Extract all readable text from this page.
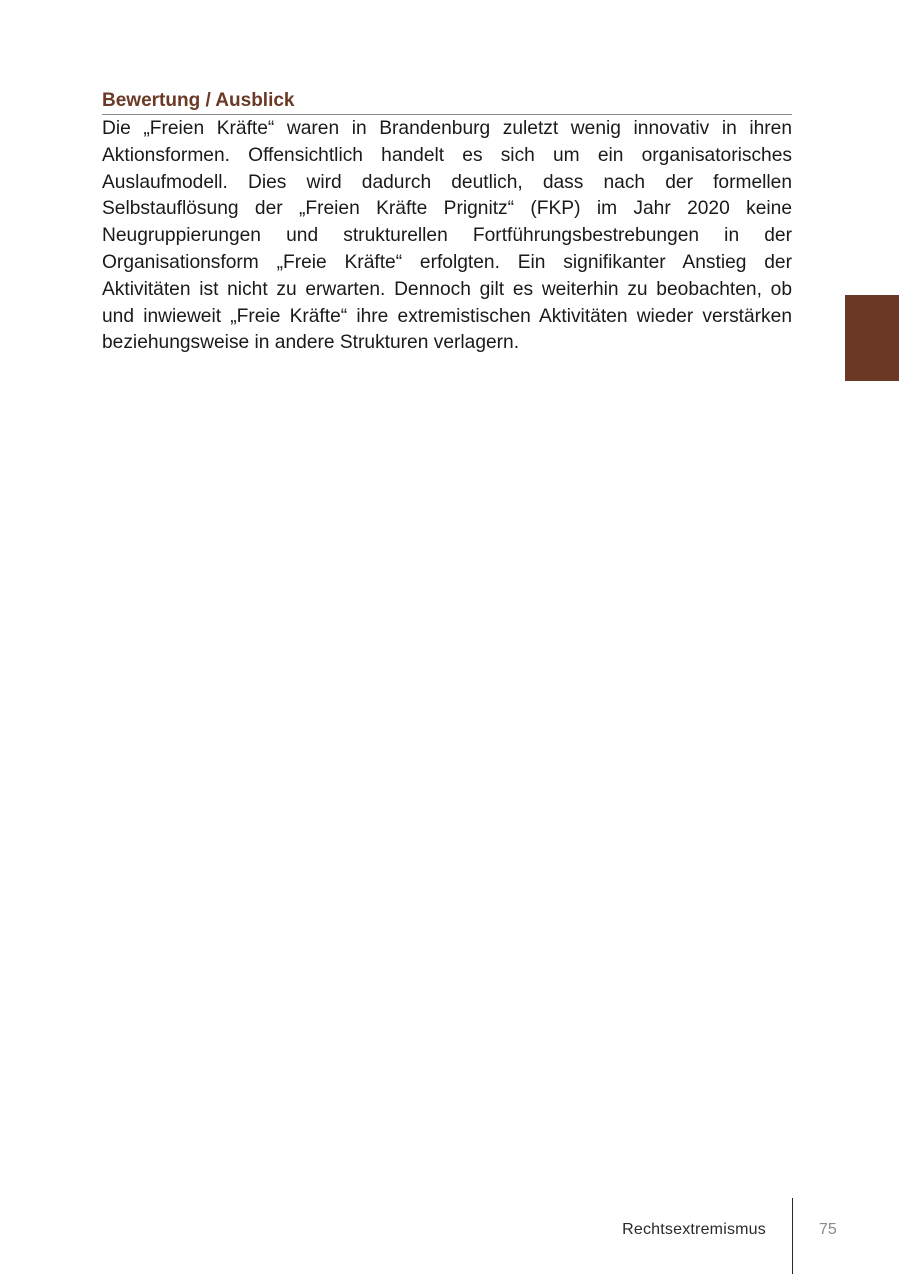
Bewertung / Ausblick

Die „Freien Kräfte“ waren in Brandenburg zuletzt wenig innovativ in ihren Aktionsformen. Offensichtlich handelt es sich um ein organisatorisches Auslaufmodell. Dies wird dadurch deutlich, dass nach der formellen Selbstauflösung der „Freien Kräfte Prignitz“ (FKP) im Jahr 2020 keine Neugruppierungen und strukturellen Fortführungsbestrebungen in der Organisationsform „Freie Kräfte“ erfolgten. Ein signifikanter Anstieg der Aktivitäten ist nicht zu erwarten. Dennoch gilt es weiterhin zu beobachten, ob und inwieweit „Freie Kräfte“ ihre extremistischen Aktivitäten wieder verstärken beziehungsweise in andere Strukturen verlagern.

Rechtsextremismus	75
